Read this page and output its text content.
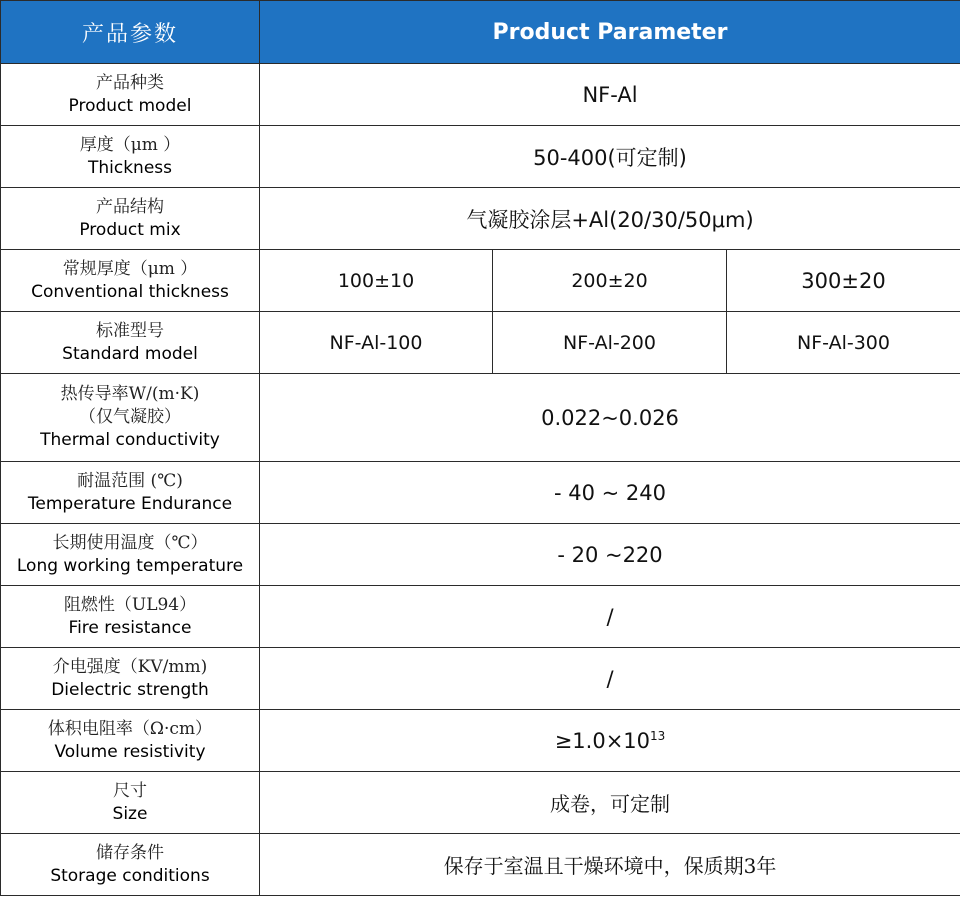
产品参数	Product Parameter		

产品种类
Product model	NF-Al		

厚度（μm ）
Thickness	50-400(可定制)		

产品结构
Product mix	气凝胶涂层+Al(20/30/50μm)		

常规厚度（μm ）
Conventional thickness	100±10	200±20	300±20

标准型号
Standard model	NF-Al-100	NF-Al-200	NF-Al-300

热传导率W/(m·K)
（仅气凝胶）
Thermal conductivity	0.022~0.026		

耐温范围 (℃)
Temperature Endurance	- 40 ~ 240		

长期使用温度（℃）
Long working temperature	- 20 ~220		

阻燃性（UL94）
Fire resistance	/		

介电强度（KV/mm)
Dielectric strength	/		

体积电阻率（Ω·cm）
Volume resistivity	$\ge 1.0\times 10^{13}$

尺寸
Size	成卷，可定制		

储存条件
Storage conditions	保存于室温且干燥环境中，保质期3年		
